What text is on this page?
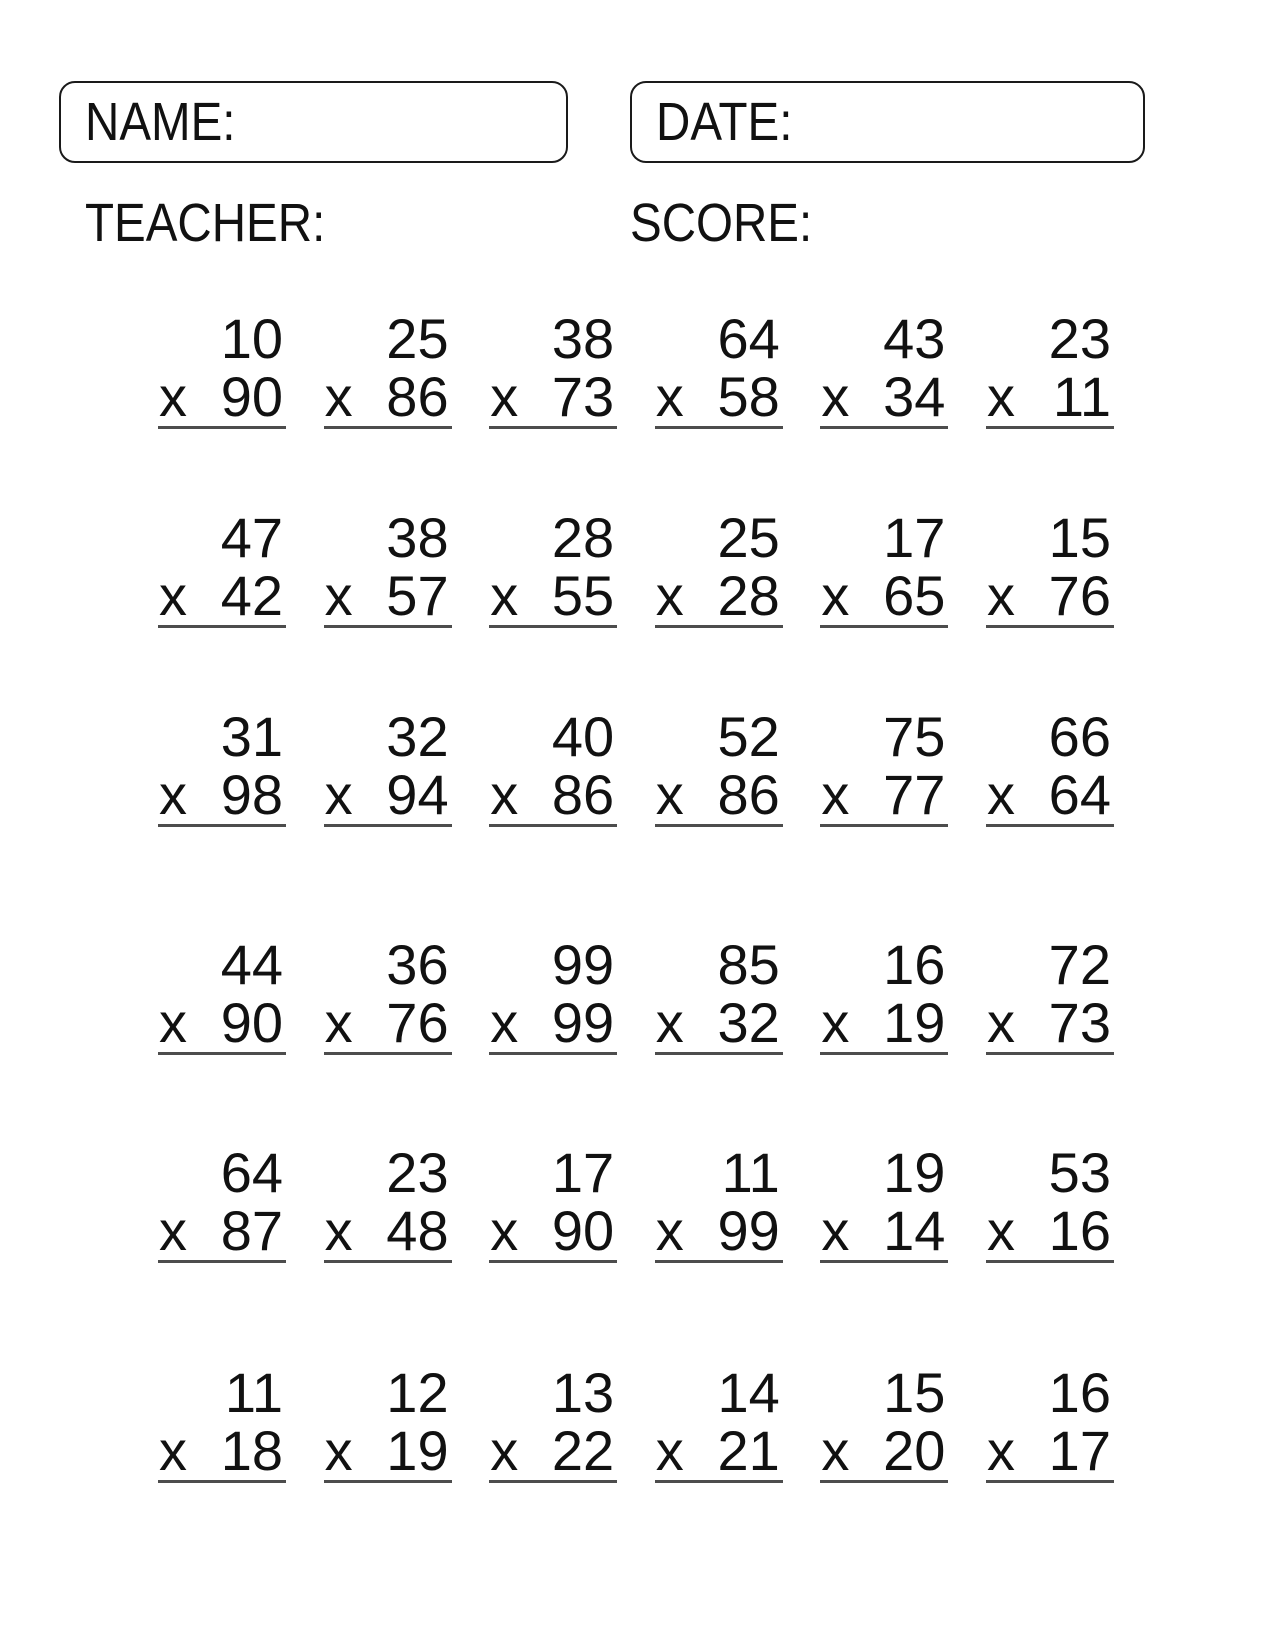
NAME:	DATE:
TEACHER:	SCORE:
10
x 90
25
x 86
38
x 73
64
x 58
43
x 34
23
x 11
47
x 42
38
x 57
28
x 55
25
x 28
17
x 65
15
x 76
31
x 98
32
x 94
40
x 86
52
x 86
75
x 77
66
x 64
44
x 90
36
x 76
99
x 99
85
x 32
16
x 19
72
x 73
64
x 87
23
x 48
17
x 90
11
x 99
19
x 14
53
x 16
11
x 18
12
x 19
13
x 22
14
x 21
15
x 20
16
x 17
